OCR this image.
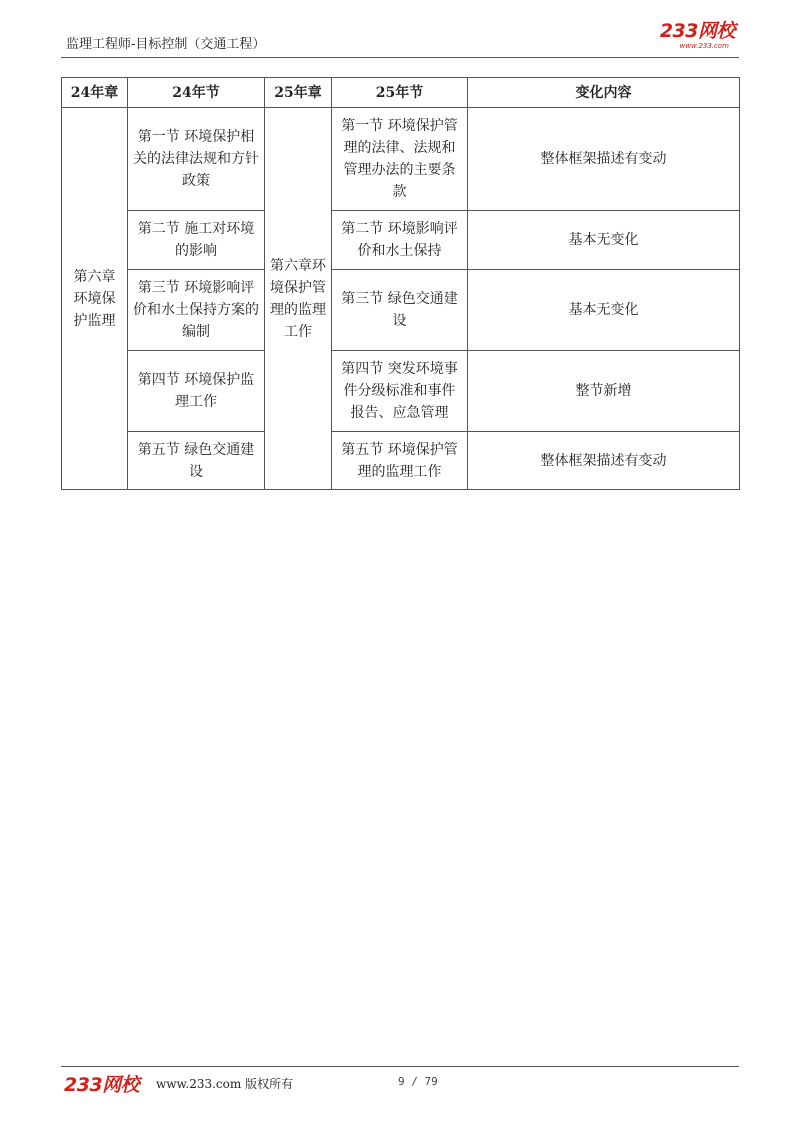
监理工程师-目标控制（交通工程）
233网校
www.233.com
24年章	24年节	25年章	25年节	变化内容
第六章环境保护监理	第一节 环境保护相关的法律法规和方针政策	第六章环境保护管理的监理工作	第一节 环境保护管理的法律、法规和管理办法的主要条款	整体框架描述有变动
	第二节 施工对环境的影响		第二节 环境影响评价和水土保持	基本无变化
	第三节 环境影响评价和水土保持方案的编制		第三节 绿色交通建设	基本无变化
	第四节 环境保护监理工作		第四节 突发环境事件分级标准和事件报告、应急管理	整节新增
	第五节 绿色交通建设		第五节 环境保护管理的监理工作	整体框架描述有变动
233网校 www.233.com 版权所有	9 / 79
